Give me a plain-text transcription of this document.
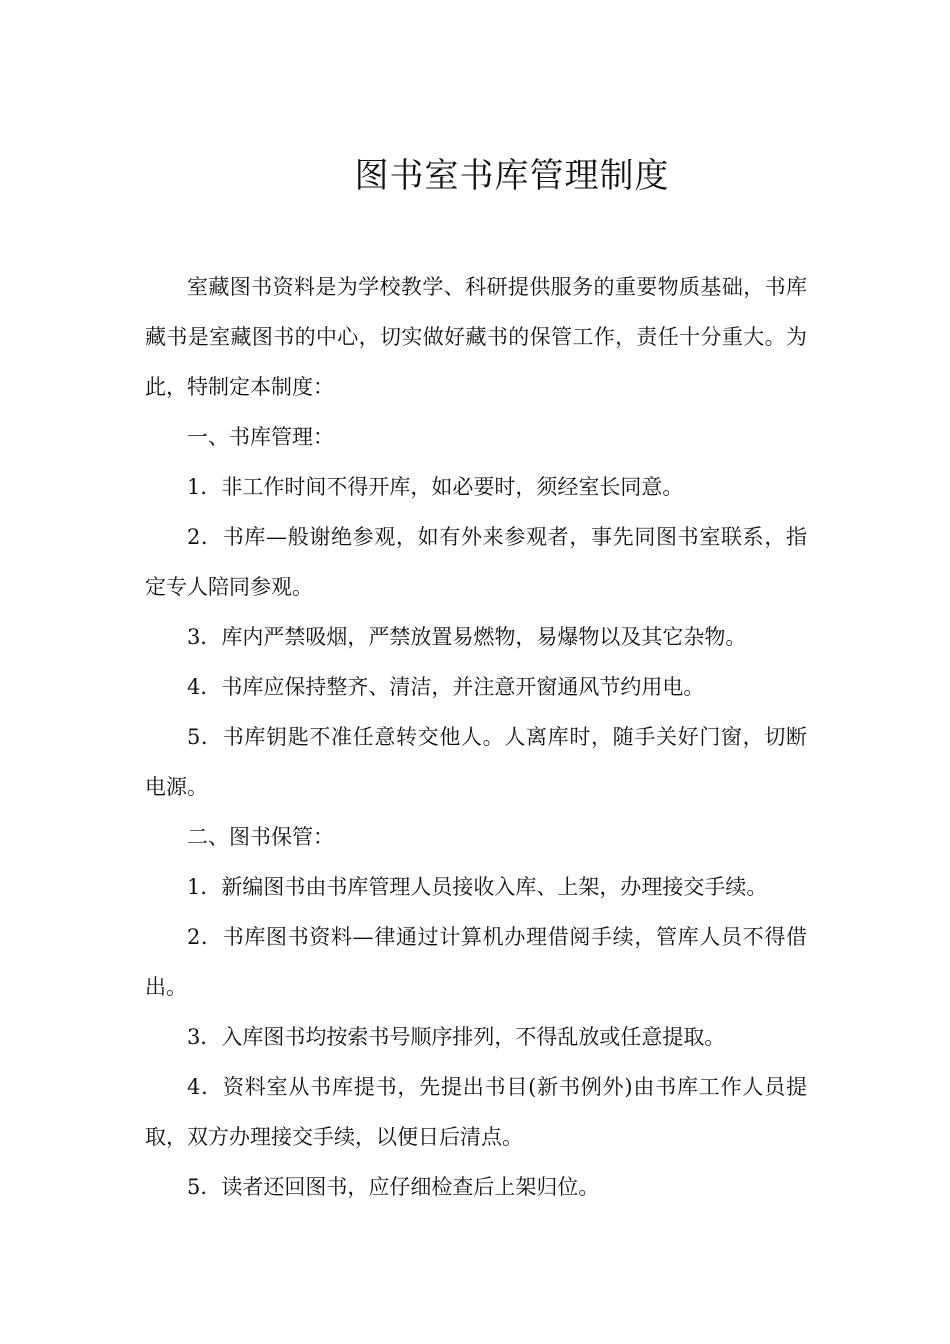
图书室书库管理制度

室藏图书资料是为学校教学、科研提供服务的重要物质基础，书库藏书是室藏图书的中心，切实做好藏书的保管工作，责任十分重大。为此，特制定本制度：

一、书库管理：

1．非工作时间不得开库，如必要时，须经室长同意。

2．书库—般谢绝参观，如有外来参观者，事先同图书室联系，指定专人陪同参观。

3．库内严禁吸烟，严禁放置易燃物，易爆物以及其它杂物。

4．书库应保持整齐、清洁，并注意开窗通风节约用电。

5．书库钥匙不准任意转交他人。人离库时，随手关好门窗，切断电源。

二、图书保管：

1．新编图书由书库管理人员接收入库、上架，办理接交手续。

2．书库图书资料—律通过计算机办理借阅手续，管库人员不得借出。

3．入库图书均按索书号顺序排列，不得乱放或任意提取。

4．资料室从书库提书，先提出书目(新书例外)由书库工作人员提取，双方办理接交手续，以便日后清点。

5．读者还回图书，应仔细检查后上架归位。
